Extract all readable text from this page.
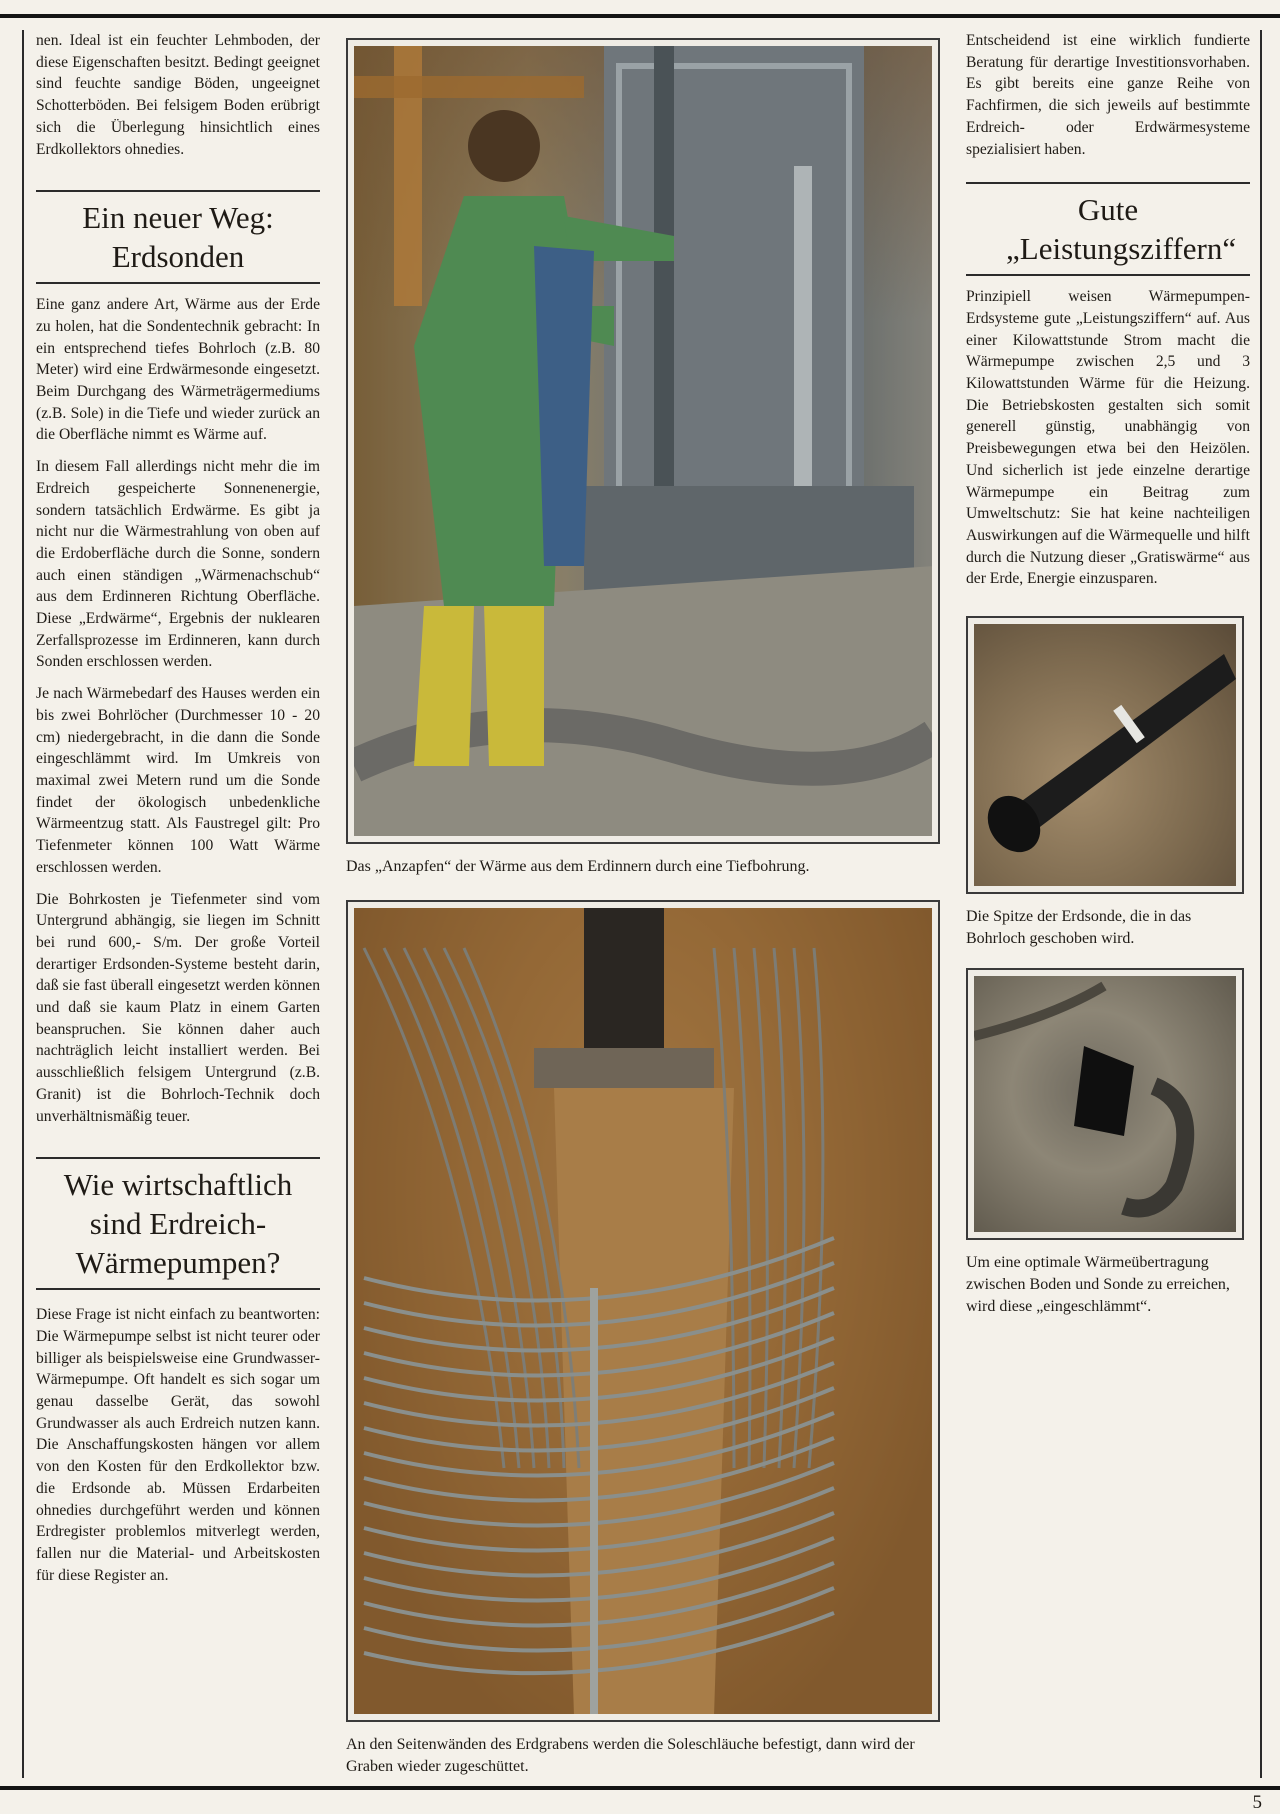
nen. Ideal ist ein feuchter Lehmboden, der diese Eigenschaften besitzt. Bedingt geeignet sind feuchte sandige Böden, ungeeignet Schotterböden. Bei felsigem Boden erübrigt sich die Überlegung hinsichtlich eines Erdkollektors ohnedies.

Ein neuer Weg: Erdsonden

Eine ganz andere Art, Wärme aus der Erde zu holen, hat die Sondentechnik gebracht: In ein entsprechend tiefes Bohrloch (z.B. 80 Meter) wird eine Erdwärmesonde eingesetzt. Beim Durchgang des Wärmeträgermediums (z.B. Sole) in die Tiefe und wieder zurück an die Oberfläche nimmt es Wärme auf.

In diesem Fall allerdings nicht mehr die im Erdreich gespeicherte Sonnenenergie, sondern tatsächlich Erdwärme. Es gibt ja nicht nur die Wärmestrahlung von oben auf die Erdoberfläche durch die Sonne, sondern auch einen ständigen „Wärmenachschub“ aus dem Erdinneren Richtung Oberfläche. Diese „Erdwärme“, Ergebnis der nuklearen Zerfallsprozesse im Erdinneren, kann durch Sonden erschlossen werden.

Je nach Wärmebedarf des Hauses werden ein bis zwei Bohrlöcher (Durchmesser 10 - 20 cm) niedergebracht, in die dann die Sonde eingeschlämmt wird. Im Umkreis von maximal zwei Metern rund um die Sonde findet der ökologisch unbedenkliche Wärmeentzug statt. Als Faustregel gilt: Pro Tiefenmeter können 100 Watt Wärme erschlossen werden.

Die Bohrkosten je Tiefenmeter sind vom Untergrund abhängig, sie liegen im Schnitt bei rund 600,- S/m. Der große Vorteil derartiger Erdsonden-Systeme besteht darin, daß sie fast überall eingesetzt werden können und daß sie kaum Platz in einem Garten beanspruchen. Sie können daher auch nachträglich leicht installiert werden. Bei ausschließlich felsigem Untergrund (z.B. Granit) ist die Bohrloch-Technik doch unverhältnismäßig teuer.

Wie wirtschaftlich sind Erdreich-Wärmepumpen?

Diese Frage ist nicht einfach zu beantworten: Die Wärmepumpe selbst ist nicht teurer oder billiger als beispielsweise eine Grundwasser-Wärmepumpe. Oft handelt es sich sogar um genau dasselbe Gerät, das sowohl Grundwasser als auch Erdreich nutzen kann. Die Anschaffungskosten hängen vor allem von den Kosten für den Erdkollektor bzw. die Erdsonde ab. Müssen Erdarbeiten ohnedies durchgeführt werden und können Erdregister problemlos mitverlegt werden, fallen nur die Material- und Arbeitskosten für diese Register an.

Das „Anzapfen“ der Wärme aus dem Erdinnern durch eine Tiefbohrung.
An den Seitenwänden des Erdgrabens werden die Soleschläuche befestigt, dann wird der Graben wieder zugeschüttet.

Entscheidend ist eine wirklich fundierte Beratung für derartige Investitionsvorhaben. Es gibt bereits eine ganze Reihe von Fachfirmen, die sich jeweils auf bestimmte Erdreich- oder Erdwärmesysteme spezialisiert haben.

Gute „Leistungsziffern“

Prinzipiell weisen Wärmepumpen-Erdsysteme gute „Leistungsziffern“ auf. Aus einer Kilowattstunde Strom macht die Wärmepumpe zwischen 2,5 und 3 Kilowattstunden Wärme für die Heizung. Die Betriebskosten gestalten sich somit generell günstig, unabhängig von Preisbewegungen etwa bei den Heizölen. Und sicherlich ist jede einzelne derartige Wärmepumpe ein Beitrag zum Umweltschutz: Sie hat keine nachteiligen Auswirkungen auf die Wärmequelle und hilft durch die Nutzung dieser „Gratiswärme“ aus der Erde, Energie einzusparen.

Die Spitze der Erdsonde, die in das Bohrloch geschoben wird.
Um eine optimale Wärmeübertragung zwischen Boden und Sonde zu erreichen, wird diese „eingeschlämmt“.
5
